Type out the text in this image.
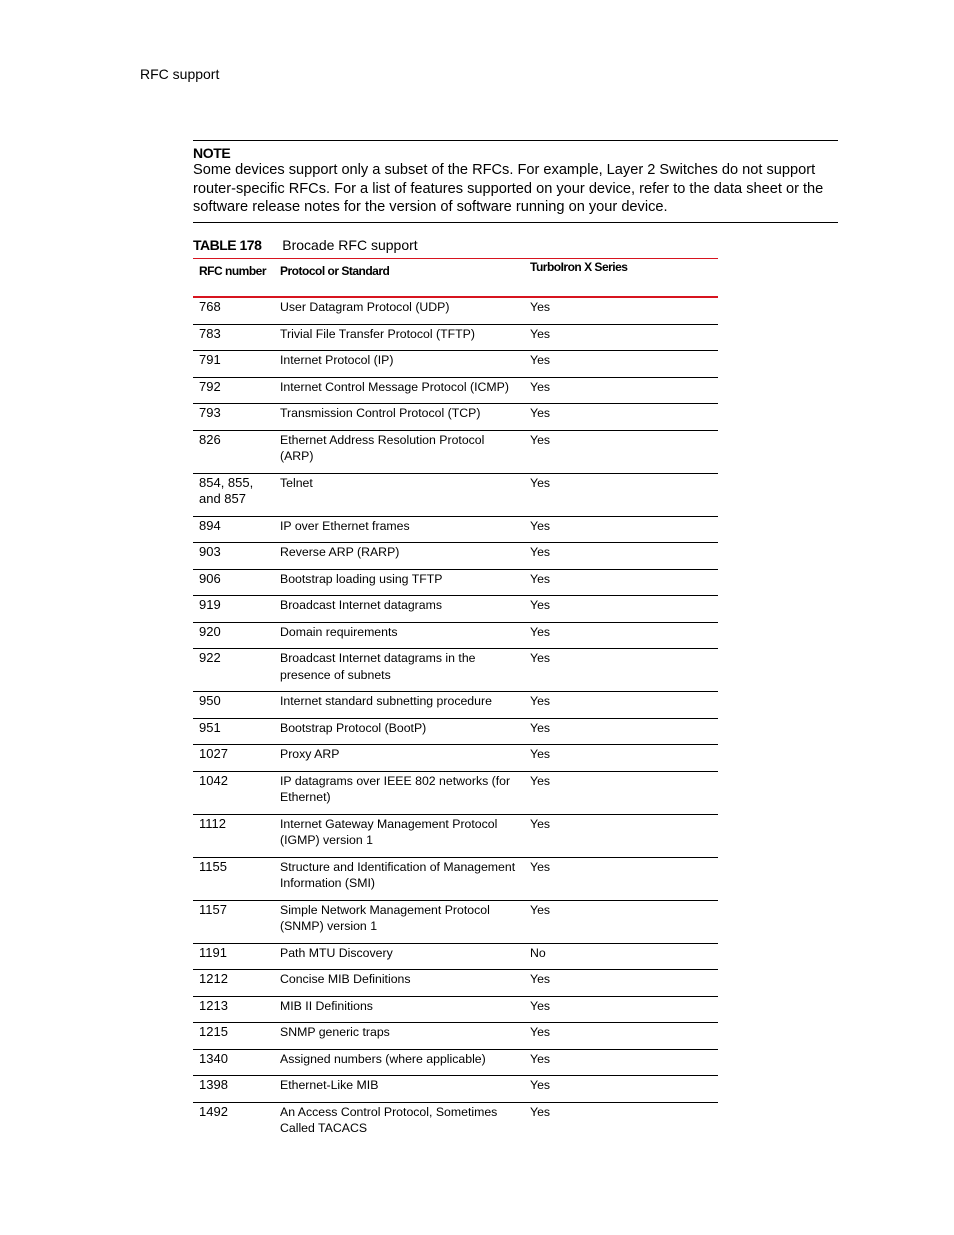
RFC support
NOTE
Some devices support only a subset of the RFCs. For example, Layer 2 Switches do not support router-specific RFCs. For a list of features supported on your device, refer to the data sheet or the software release notes for the version of software running on your device.
TABLE 178 Brocade RFC support
RFC number	Protocol or Standard	TurboIron X Series
768	User Datagram Protocol (UDP)	Yes
783	Trivial File Transfer Protocol (TFTP)	Yes
791	Internet Protocol (IP)	Yes
792	Internet Control Message Protocol (ICMP)	Yes
793	Transmission Control Protocol (TCP)	Yes
826	Ethernet Address Resolution Protocol (ARP)	Yes
854, 855, and 857	Telnet	Yes
894	IP over Ethernet frames	Yes
903	Reverse ARP (RARP)	Yes
906	Bootstrap loading using TFTP	Yes
919	Broadcast Internet datagrams	Yes
920	Domain requirements	Yes
922	Broadcast Internet datagrams in the presence of subnets	Yes
950	Internet standard subnetting procedure	Yes
951	Bootstrap Protocol (BootP)	Yes
1027	Proxy ARP	Yes
1042	IP datagrams over IEEE 802 networks (for Ethernet)	Yes
1112	Internet Gateway Management Protocol (IGMP) version 1	Yes
1155	Structure and Identification of Management Information (SMI)	Yes
1157	Simple Network Management Protocol (SNMP) version 1	Yes
1191	Path MTU Discovery	No
1212	Concise MIB Definitions	Yes
1213	MIB II Definitions	Yes
1215	SNMP generic traps	Yes
1340	Assigned numbers (where applicable)	Yes
1398	Ethernet-Like MIB	Yes
1492	An Access Control Protocol, Sometimes Called TACACS	Yes
